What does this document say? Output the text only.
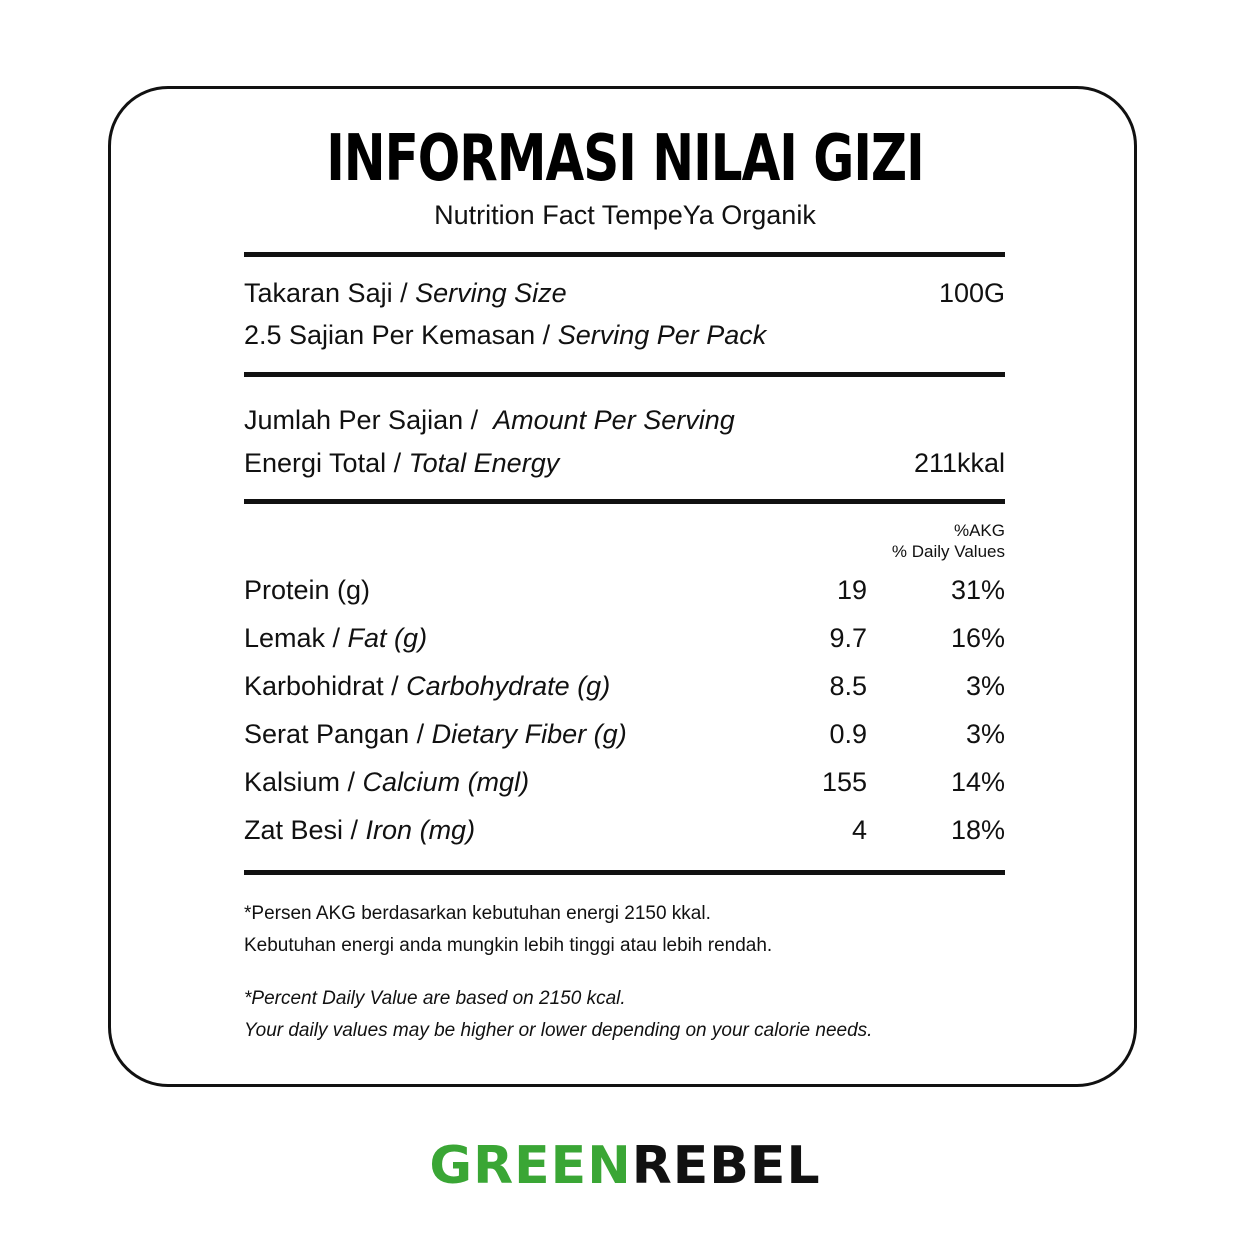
INFORMASI NILAI GIZI
Nutrition Fact TempeYa Organik
Takaran Saji / Serving Size	100G
2.5 Sajian Per Kemasan / Serving Per Pack
Jumlah Per Sajian /  Amount Per Serving
Energi Total / Total Energy	211kkal
%AKG
% Daily Values
Protein (g)	19	31%
Lemak / Fat (g)	9.7	16%
Karbohidrat / Carbohydrate (g)	8.5	3%
Serat Pangan / Dietary Fiber (g)	0.9	3%
Kalsium / Calcium (mgl)	155	14%
Zat Besi / Iron (mg)	4	18%
*Persen AKG berdasarkan kebutuhan energi 2150 kkal.
Kebutuhan energi anda mungkin lebih tinggi atau lebih rendah.
*Percent Daily Value are based on 2150 kcal.
Your daily values may be higher or lower depending on your calorie needs.
GREENREBEL
